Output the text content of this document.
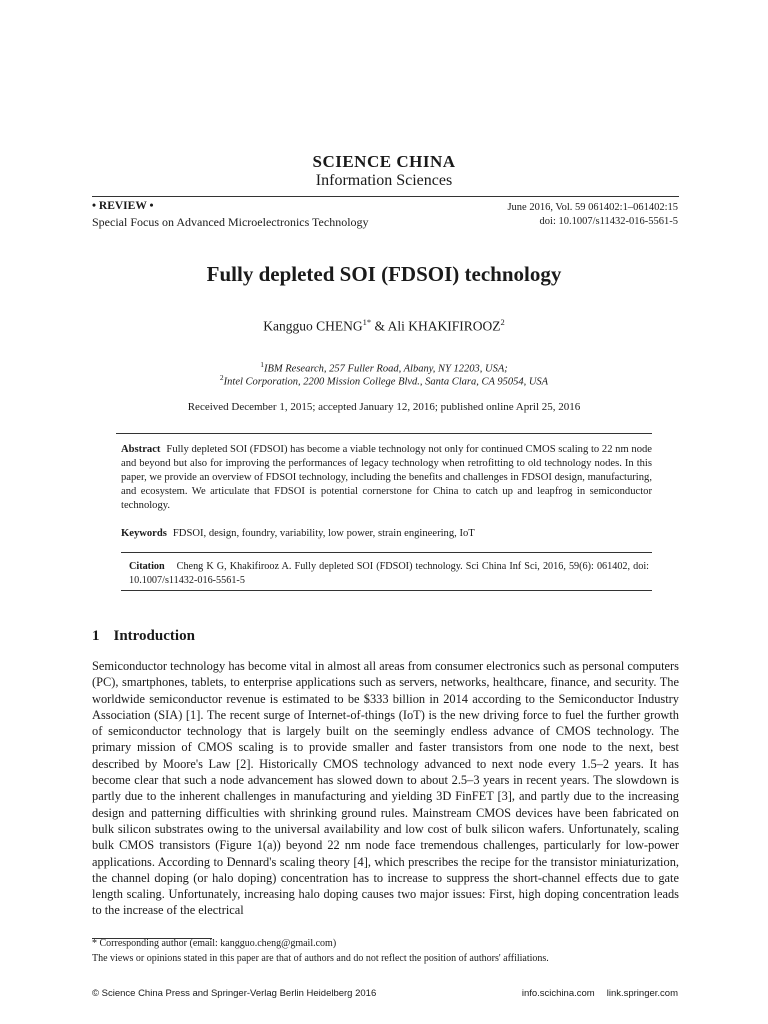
SCIENCE CHINA
Information Sciences
• REVIEW •
Special Focus on Advanced Microelectronics Technology
June 2016, Vol. 59 061402:1–061402:15
doi: 10.1007/s11432-016-5561-5
Fully depleted SOI (FDSOI) technology
Kangguo $CHENG^{1*}$ & Ali KHAKIFIROOZ$^2$
$^1$IBM Research, 257 Fuller Road, Albany, NY 12203, USA;
$^2$Intel Corporation, 2200 Mission College Blvd., Santa Clara, CA 95054, USA
Received December 1, 2015; accepted January 12, 2016; published online April 25, 2016
Abstract Fully depleted SOI (FDSOI) has become a viable technology not only for continued CMOS scaling to 22 nm node and beyond but also for improving the performances of legacy technology when retrofitting to old technology nodes. In this paper, we provide an overview of FDSOI technology, including the benefits and challenges in FDSOI design, manufacturing, and ecosystem. We articulate that FDSOI is potential cornerstone for China to catch up and leapfrog in semiconductor technology.
Keywords FDSOI, design, foundry, variability, low power, strain engineering, IoT
Citation Cheng K G, Khakifirooz A. Fully depleted SOI (FDSOI) technology. Sci China Inf Sci, 2016, 59(6): 061402, doi: 10.1007/s11432-016-5561-5
1 Introduction
Semiconductor technology has become vital in almost all areas from consumer electronics such as personal computers (PC), smartphones, tablets, to enterprise applications such as servers, networks, healthcare, finance, and security. The worldwide semiconductor revenue is estimated to be $333 billion in 2014 according to the Semiconductor Industry Association (SIA) [1]. The recent surge of Internet-of-things (IoT) is the new driving force to fuel the further growth of semiconductor technology that is largely built on the seemingly endless advance of CMOS technology. The primary mission of CMOS scaling is to provide smaller and faster transistors from one node to the next, best described by Moore's Law [2]. Historically CMOS technology advanced to next node every 1.5–2 years. It has become clear that such a node advancement has slowed down to about 2.5–3 years in recent years. The slowdown is partly due to the inherent challenges in manufacturing and yielding 3D FinFET [3], and partly due to the increasing design and patterning difficulties with shrinking ground rules. Mainstream CMOS devices have been fabricated on bulk silicon substrates owing to the universal availability and low cost of bulk silicon wafers. Unfortunately, scaling bulk CMOS transistors (Figure 1(a)) beyond 22 nm node face tremendous challenges, particularly for low-power applications. According to Dennard's scaling theory [4], which prescribes the recipe for the transistor miniaturization, the channel doping (or halo doping) concentration has to increase to suppress the short-channel effects due to gate length scaling. Unfortunately, increasing halo doping causes two major issues: First, high doping concentration leads to the increase of the electrical
* Corresponding author (email: kangguo.cheng@gmail.com)
The views or opinions stated in this paper are that of authors and do not reflect the position of authors' affiliations.
© Science China Press and Springer-Verlag Berlin Heidelberg 2016	info.scichina.com link.springer.com
